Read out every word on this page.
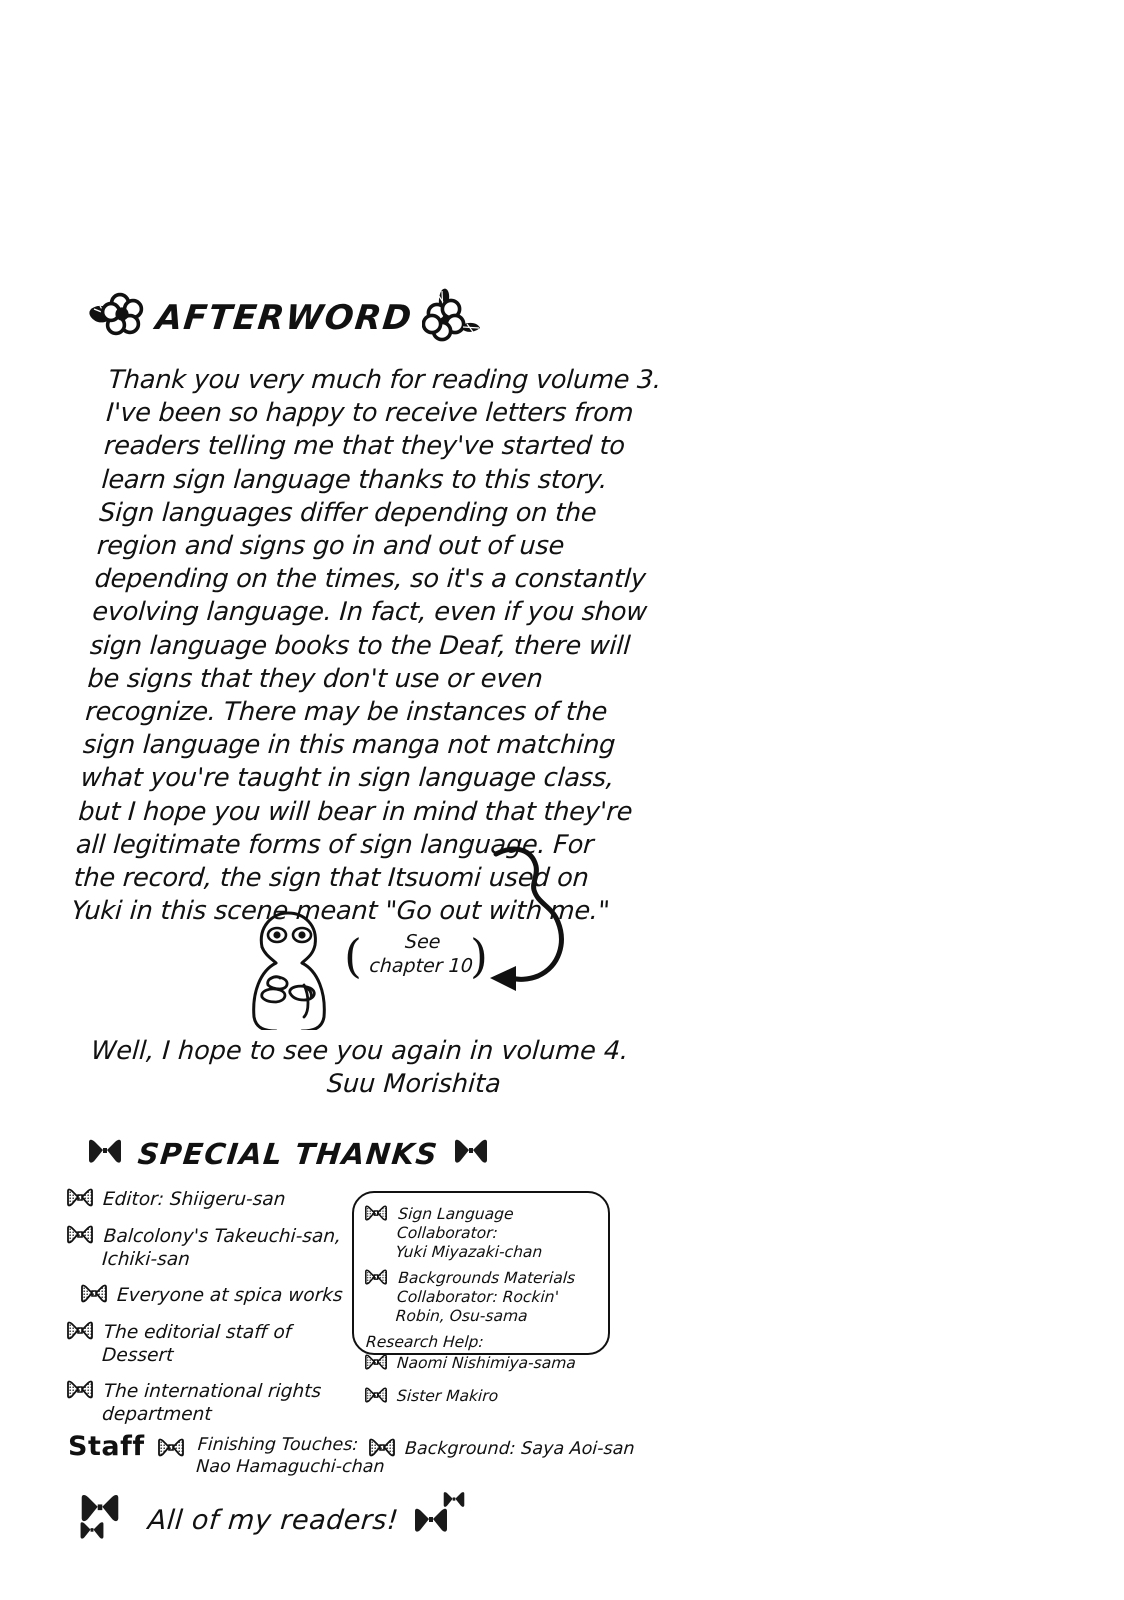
AFTERWORD

Thank you very much for reading volume 3. I've been so happy to receive letters from readers telling me that they've started to learn sign language thanks to this story. Sign languages differ depending on the region and signs go in and out of use depending on the times, so it's a constantly evolving language. In fact, even if you show sign language books to the Deaf, there will be signs that they don't use or even recognize. There may be instances of the sign language in this manga not matching what you're taught in sign language class, but I hope you will bear in mind that they're all legitimate forms of sign language. For the record, the sign that Itsuomi used on Yuki in this scene meant "Go out with me."

(	See
chapter 10
)
SPECIAL THANKS
Editor: Shiigeru-san
Balcolony's Takeuchi-san,
Ichiki-san
Everyone at spica works
The editorial staff of Dessert
The international rights
department
Sign Language Collaborator:
Yuki Miyazaki-chan
Backgrounds Materials
Collaborator: Rockin' Robin, Osu-sama
Research Help:
Naomi Nishimiya-sama
Sister Makiro
Staff	Finishing Touches:
Nao Hamaguchi-chan
Background: Saya Aoi-san
All of my readers!
Well, I hope to see you again in volume 4.
Suu Morishita
